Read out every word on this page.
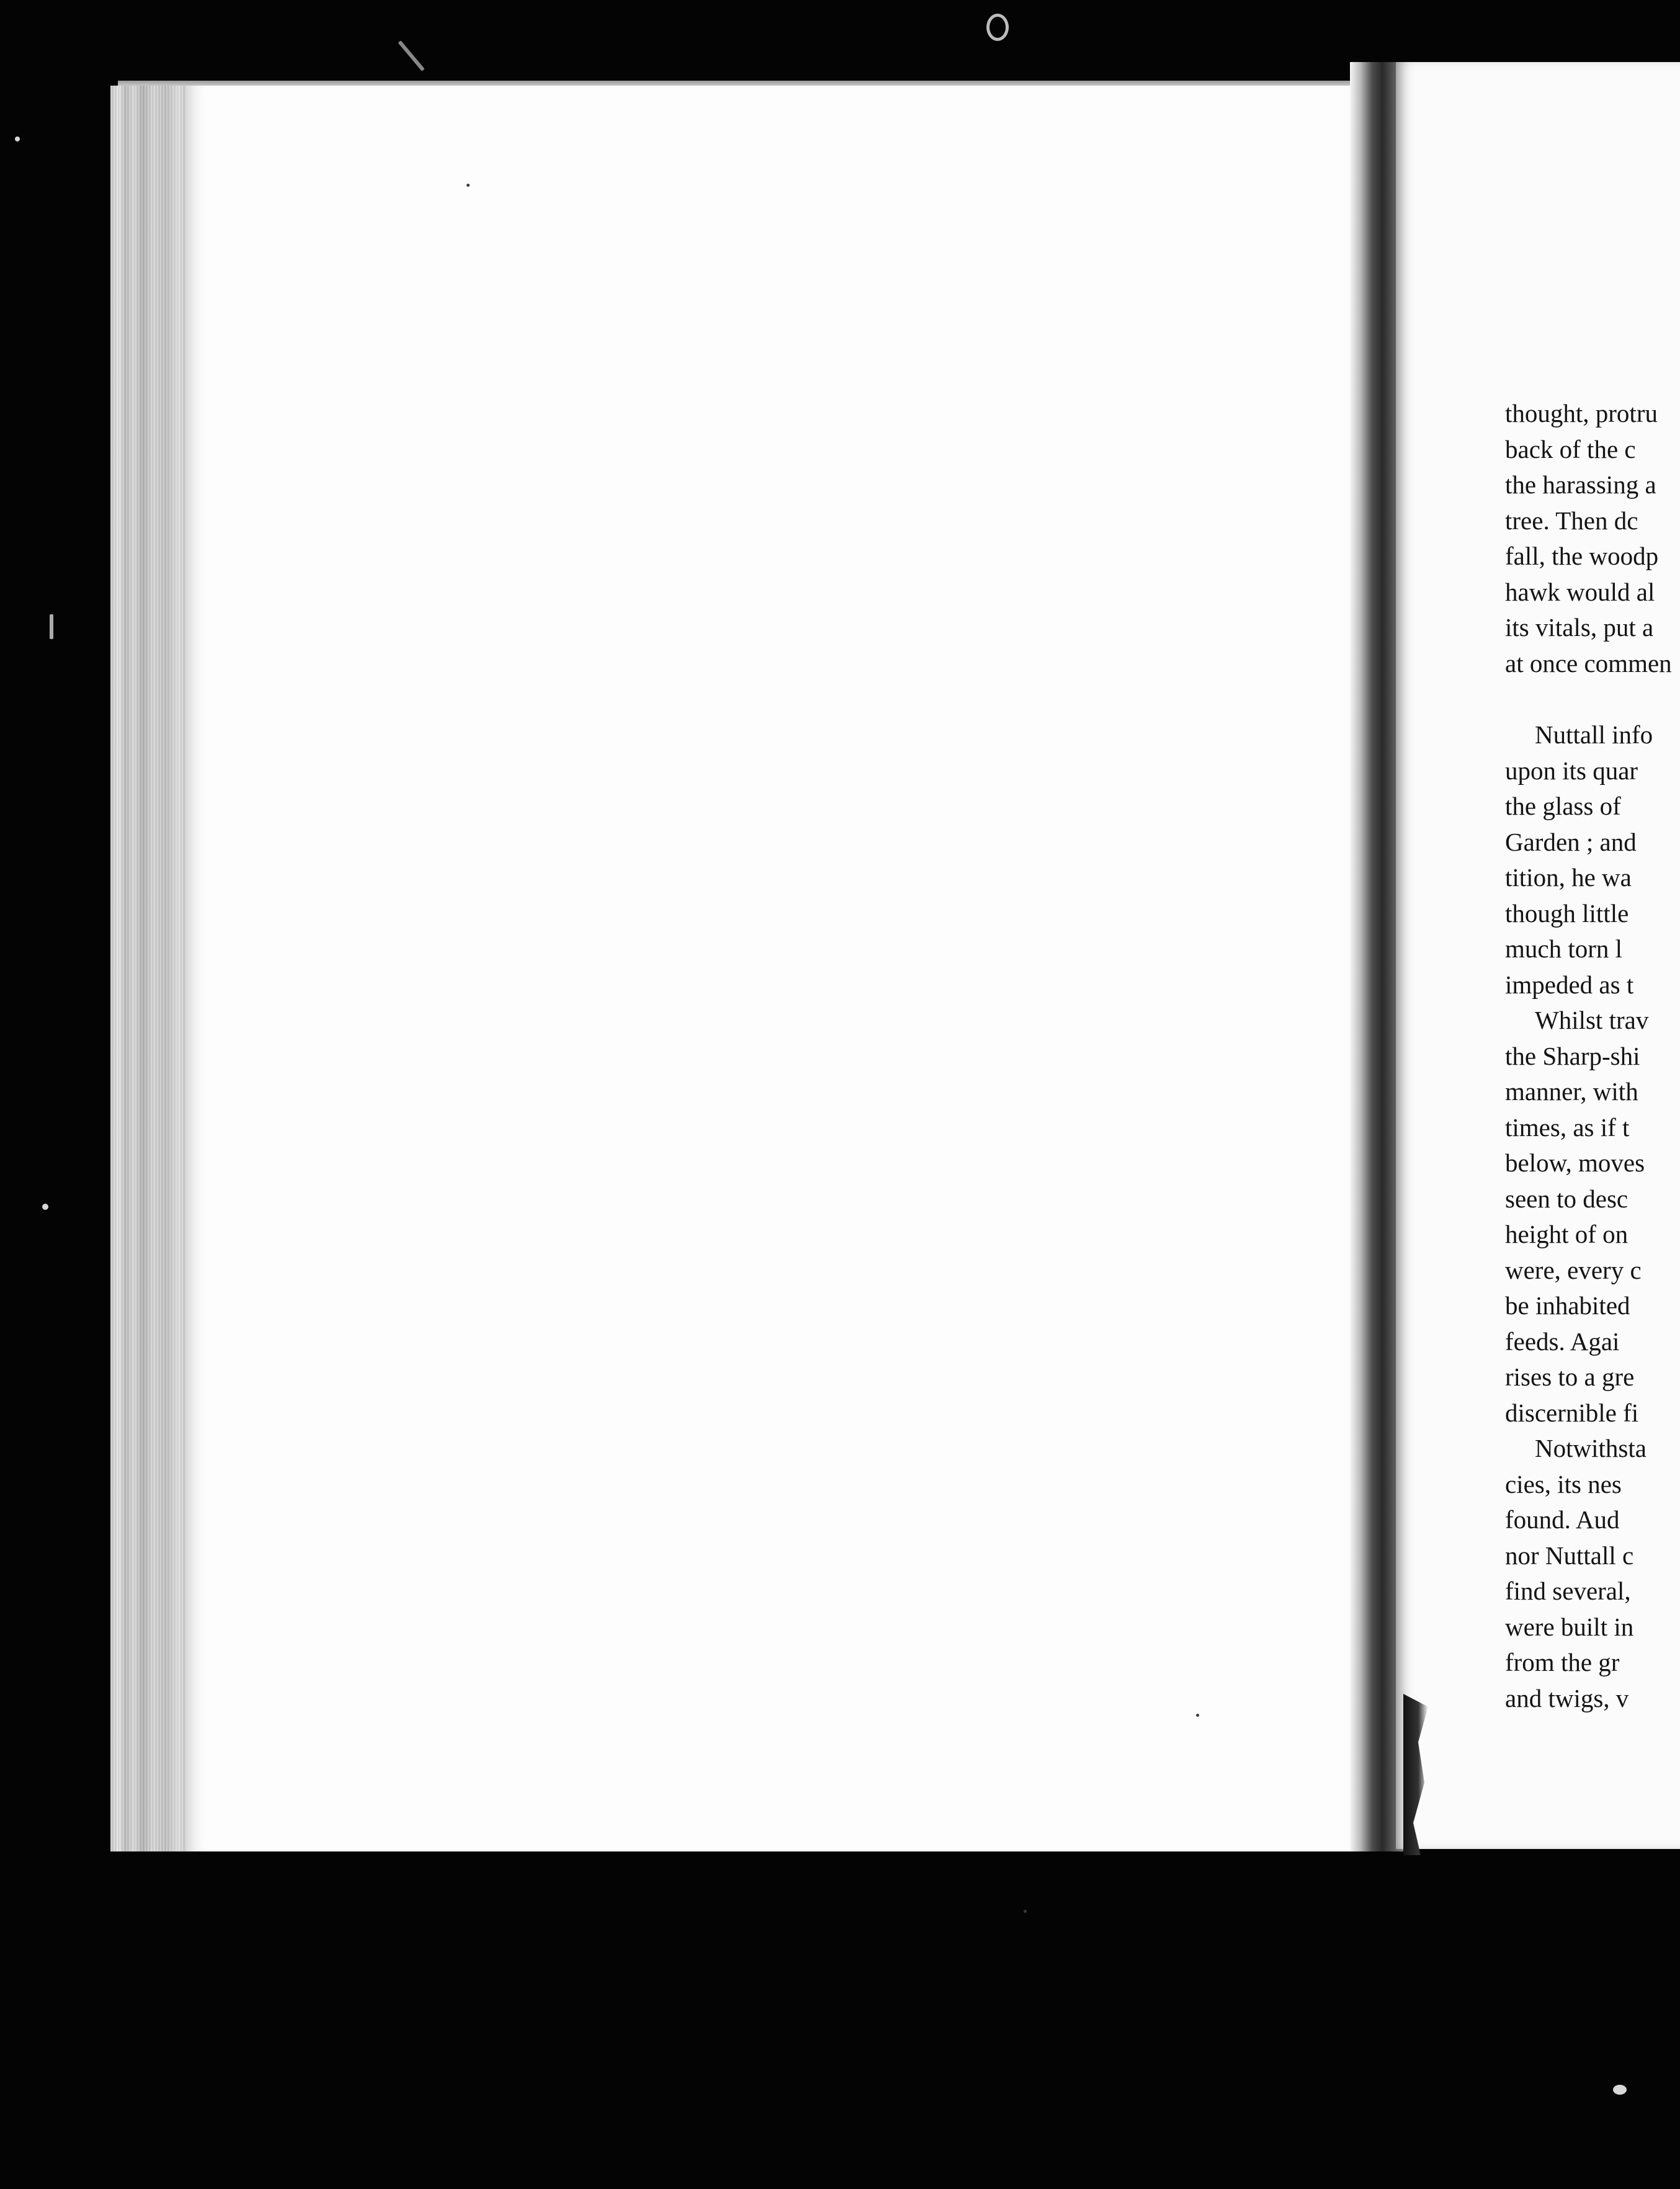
thought, protru
back of the c
the harassing a
tree. Then dc
fall, the woodp
hawk would al
its vitals, put a
at once commen
Nuttall info
upon its quar
the glass of
Garden ; and
tition, he wa
though little
much torn l
impeded as t
Whilst trav
the Sharp-shi
manner, with
times, as if t
below, moves
seen to desc
height of on
were, every c
be inhabited
feeds. Agai
rises to a gre
discernible fi
Notwithsta
cies, its nes
found. Aud
nor Nuttall c
find several,
were built in
from the gr
and twigs, v
